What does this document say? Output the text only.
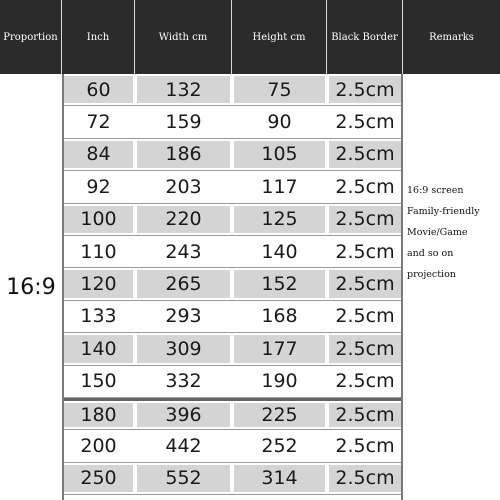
Proportion	Inch	Width cm	Height cm	Black Border	Remarks
16:9
60	132	75	2.5cm
72	159	90	2.5cm
84	186	105	2.5cm
92	203	117	2.5cm
100	220	125	2.5cm
110	243	140	2.5cm
120	265	152	2.5cm
133	293	168	2.5cm
140	309	177	2.5cm
150	332	190	2.5cm
180	396	225	2.5cm
200	442	252	2.5cm
250	552	314	2.5cm
16:9 screen
Family-friendly
Movie/Game
and so on
projection
